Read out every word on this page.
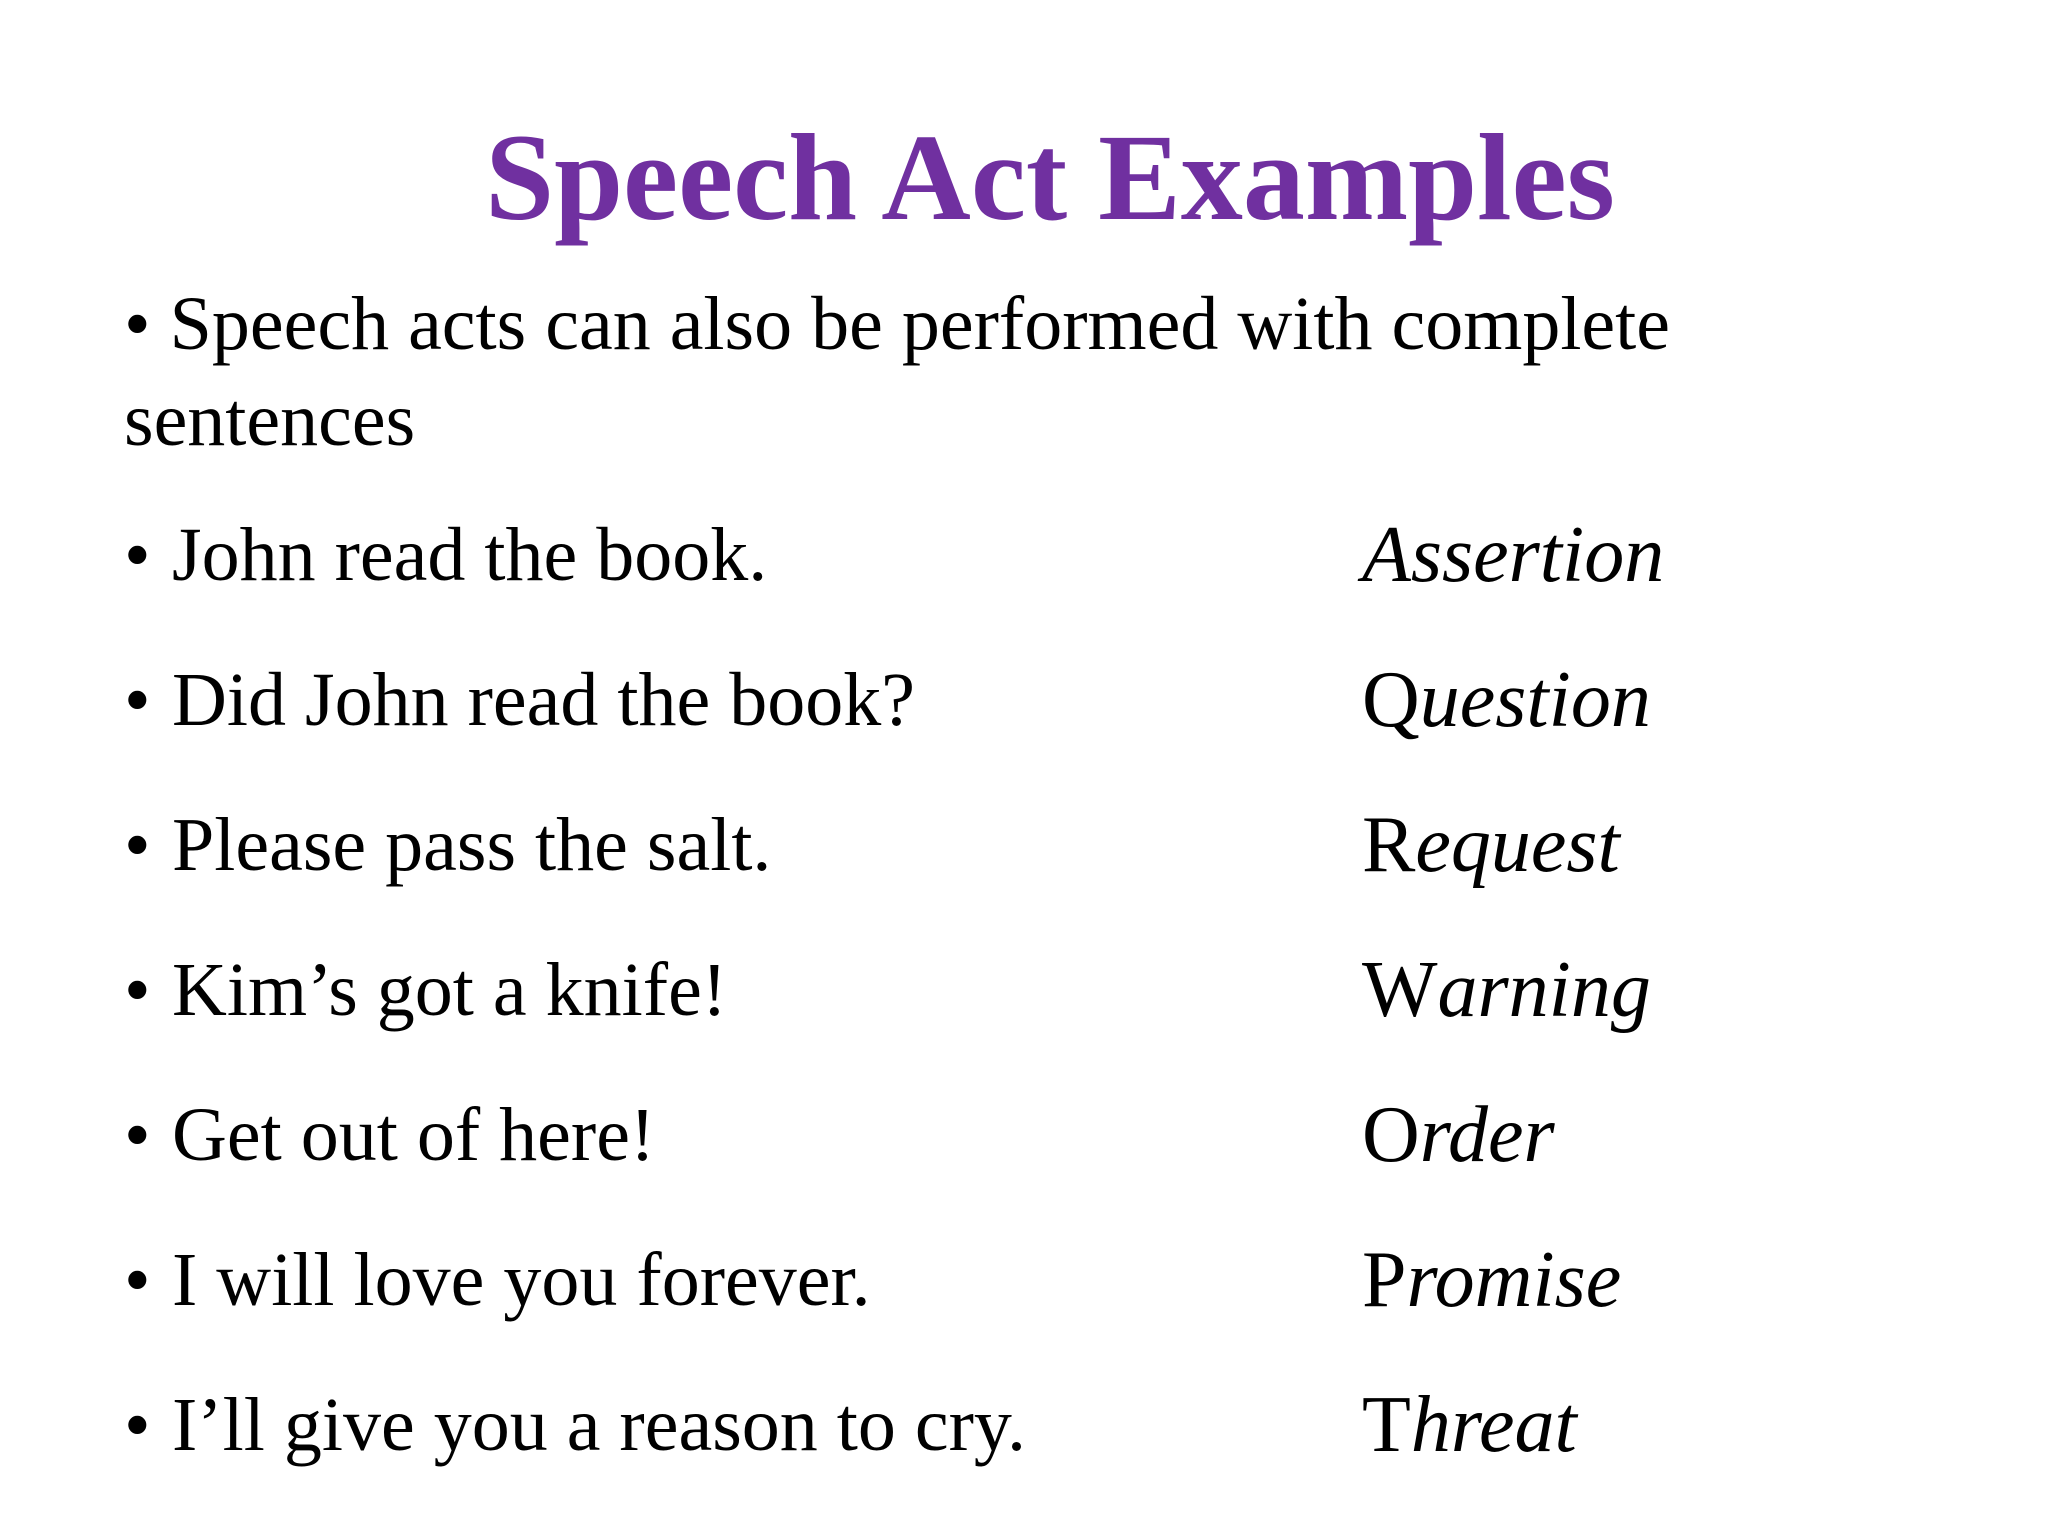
Speech Act Examples
• Speech acts can also be performed with complete
sentences
• John read the book.	Assertion
• Did John read the book?	Question
• Please pass the salt.	Request
• Kim’s got a knife!	Warning
• Get out of here!	Order
• I will love you forever.	Promise
• I’ll give you a reason to cry.	Threat
